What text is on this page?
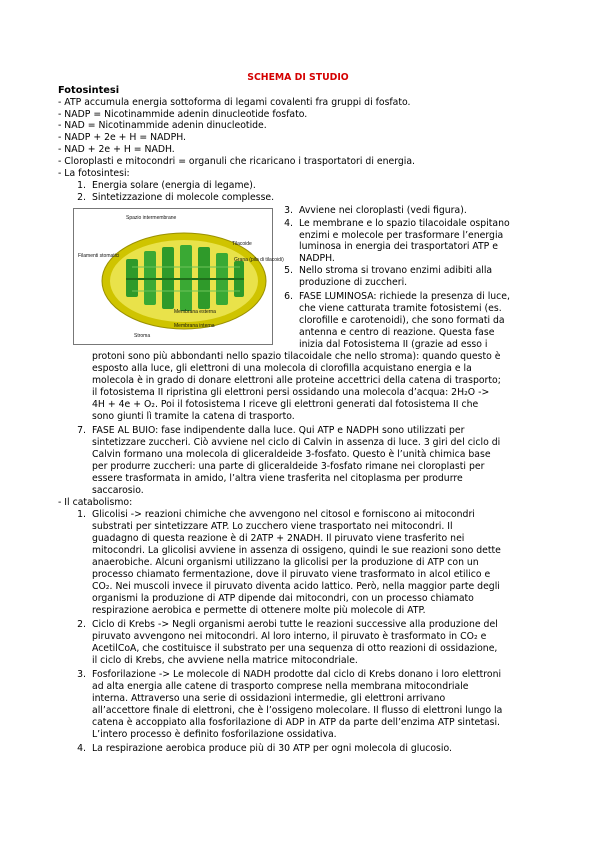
SCHEMA DI STUDIO
Fotosintesi
- ATP accumula energia sottoforma di legami covalenti fra gruppi di fosfato.
- NADP = Nicotinammide adenin dinucleotide fosfato.
- NAD = Nicotinammide adenin dinucleotide.
- NADP + 2e + H = NADPH.
- NAD + 2e + H = NADH.
- Cloroplasti e mitocondri = organuli che ricaricano i trasportatori di energia.
- La fotosintesi:
1. Energia solare (energia di legame).
2. Sintetizzazione di molecole complesse.
Spazio intermembrane
Filamenti stomatici
Tilacoide
Grana (pila di tilacoidi)
Membrana esterna
Membrana interna
Stroma
3. Avviene nei cloroplasti (vedi figura).
4. Le membrane e lo spazio tilacoidale ospitano
enzimi e molecole per trasformare l’energia
luminosa in energia dei trasportatori ATP e
NADPH.
5. Nello stroma si trovano enzimi adibiti alla
produzione di zuccheri.
6. FASE LUMINOSA: richiede la presenza di luce,
che viene catturata tramite fotosistemi (es.
clorofille e carotenoidi), che sono formati da
antenna e centro di reazione. Questa fase
inizia dal Fotosistema II (grazie ad esso i
protoni sono più abbondanti nello spazio tilacoidale che nello stroma): quando questo è
esposto alla luce, gli elettroni di una molecola di clorofilla acquistano energia e la
molecola è in grado di donare elettroni alle proteine accettrici della catena di trasporto;
il fotosistema II ripristina gli elettroni persi ossidando una molecola d’acqua: 2H₂O ->
4H + 4e + O₂. Poi il fotosistema I riceve gli elettroni generati dal fotosistema II che
sono giunti lì tramite la catena di trasporto.
7. FASE AL BUIO: fase indipendente dalla luce. Qui ATP e NADPH sono utilizzati per
sintetizzare zuccheri. Ciò avviene nel ciclo di Calvin in assenza di luce. 3 giri del ciclo di
Calvin formano una molecola di gliceraldeide 3-fosfato. Questo è l’unità chimica base
per produrre zuccheri: una parte di gliceraldeide 3-fosfato rimane nei cloroplasti per
essere trasformata in amido, l’altra viene trasferita nel citoplasma per produrre
saccarosio.
- Il catabolismo:
1. Glicolisi -> reazioni chimiche che avvengono nel citosol e forniscono ai mitocondri
substrati per sintetizzare ATP. Lo zucchero viene trasportato nei mitocondri. Il
guadagno di questa reazione è di 2ATP + 2NADH. Il piruvato viene trasferito nei
mitocondri. La glicolisi avviene in assenza di ossigeno, quindi le sue reazioni sono dette
anaerobiche. Alcuni organismi utilizzano la glicolisi per la produzione di ATP con un
processo chiamato fermentazione, dove il piruvato viene trasformato in alcol etilico e
CO₂. Nei muscoli invece il piruvato diventa acido lattico. Però, nella maggior parte degli
organismi la produzione di ATP dipende dai mitocondri, con un processo chiamato
respirazione aerobica e permette di ottenere molte più molecole di ATP.
2. Ciclo di Krebs -> Negli organismi aerobi tutte le reazioni successive alla produzione del
piruvato avvengono nei mitocondri. Al loro interno, il piruvato è trasformato in CO₂ e
AcetilCoA, che costituisce il substrato per una sequenza di otto reazioni di ossidazione,
il ciclo di Krebs, che avviene nella matrice mitocondriale.
3. Fosforilazione -> Le molecole di NADH prodotte dal ciclo di Krebs donano i loro elettroni
ad alta energia alle catene di trasporto comprese nella membrana mitocondriale
interna. Attraverso una serie di ossidazioni intermedie, gli elettroni arrivano
all’accettore finale di elettroni, che è l’ossigeno molecolare. Il flusso di elettroni lungo la
catena è accoppiato alla fosforilazione di ADP in ATP da parte dell’enzima ATP sintetasi.
L’intero processo è definito fosforilazione ossidativa.
4. La respirazione aerobica produce più di 30 ATP per ogni molecola di glucosio.
